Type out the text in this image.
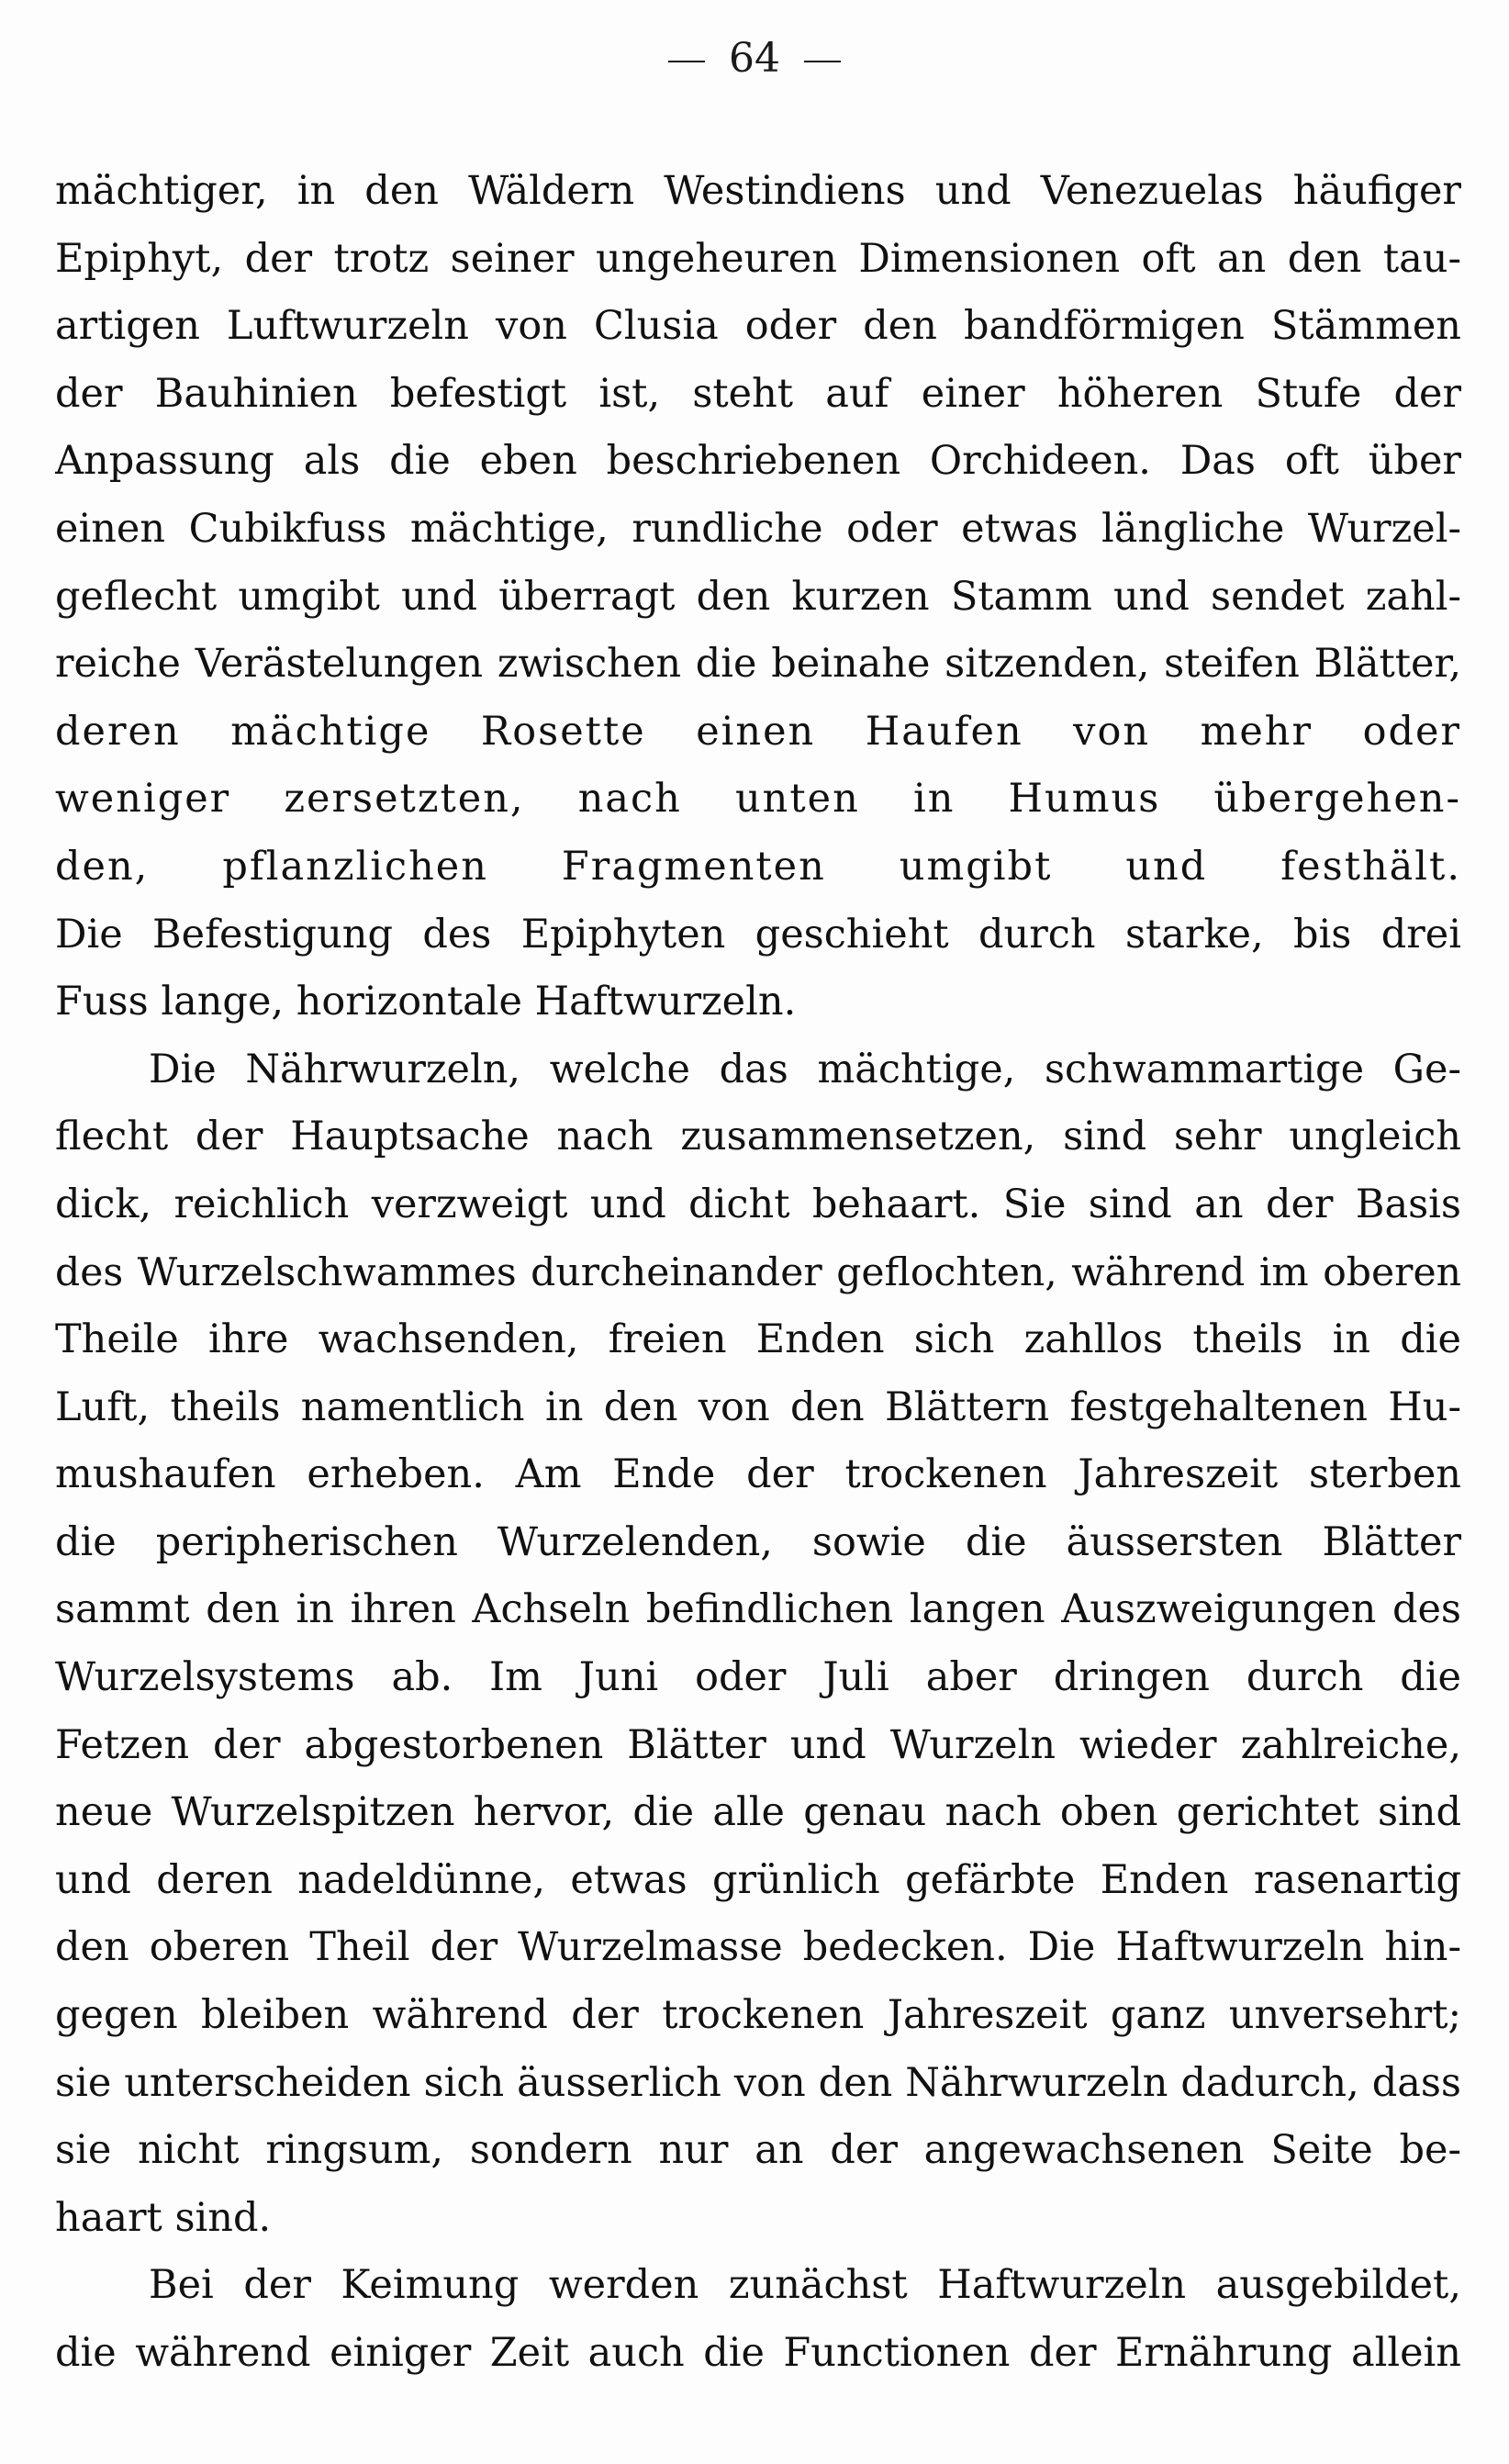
64
mächtiger, in den Wäldern Westindiens und Venezuelas häufiger
Epiphyt, der trotz seiner ungeheuren Dimensionen oft an den tau-
artigen Luftwurzeln von Clusia oder den bandförmigen Stämmen
der Bauhinien befestigt ist, steht auf einer höheren Stufe der
Anpassung als die eben beschriebenen Orchideen. Das oft über
einen Cubikfuss mächtige, rundliche oder etwas längliche Wurzel-
geflecht umgibt und überragt den kurzen Stamm und sendet zahl-
reiche Verästelungen zwischen die beinahe sitzenden, steifen Blätter,
deren mächtige Rosette einen Haufen von mehr oder
weniger zersetzten, nach unten in Humus übergehen-
den, pflanzlichen Fragmenten umgibt und festhält.
Die Befestigung des Epiphyten geschieht durch starke, bis drei
Fuss lange, horizontale Haftwurzeln.
Die Nährwurzeln, welche das mächtige, schwammartige Ge-
flecht der Hauptsache nach zusammensetzen, sind sehr ungleich
dick, reichlich verzweigt und dicht behaart. Sie sind an der Basis
des Wurzelschwammes durcheinander geflochten, während im oberen
Theile ihre wachsenden, freien Enden sich zahllos theils in die
Luft, theils namentlich in den von den Blättern festgehaltenen Hu-
mushaufen erheben. Am Ende der trockenen Jahreszeit sterben
die peripherischen Wurzelenden, sowie die äussersten Blätter
sammt den in ihren Achseln befindlichen langen Auszweigungen des
Wurzelsystems ab. Im Juni oder Juli aber dringen durch die
Fetzen der abgestorbenen Blätter und Wurzeln wieder zahlreiche,
neue Wurzelspitzen hervor, die alle genau nach oben gerichtet sind
und deren nadeldünne, etwas grünlich gefärbte Enden rasenartig
den oberen Theil der Wurzelmasse bedecken. Die Haftwurzeln hin-
gegen bleiben während der trockenen Jahreszeit ganz unversehrt;
sie unterscheiden sich äusserlich von den Nährwurzeln dadurch, dass
sie nicht ringsum, sondern nur an der angewachsenen Seite be-
haart sind.
Bei der Keimung werden zunächst Haftwurzeln ausgebildet,
die während einiger Zeit auch die Functionen der Ernährung allein
